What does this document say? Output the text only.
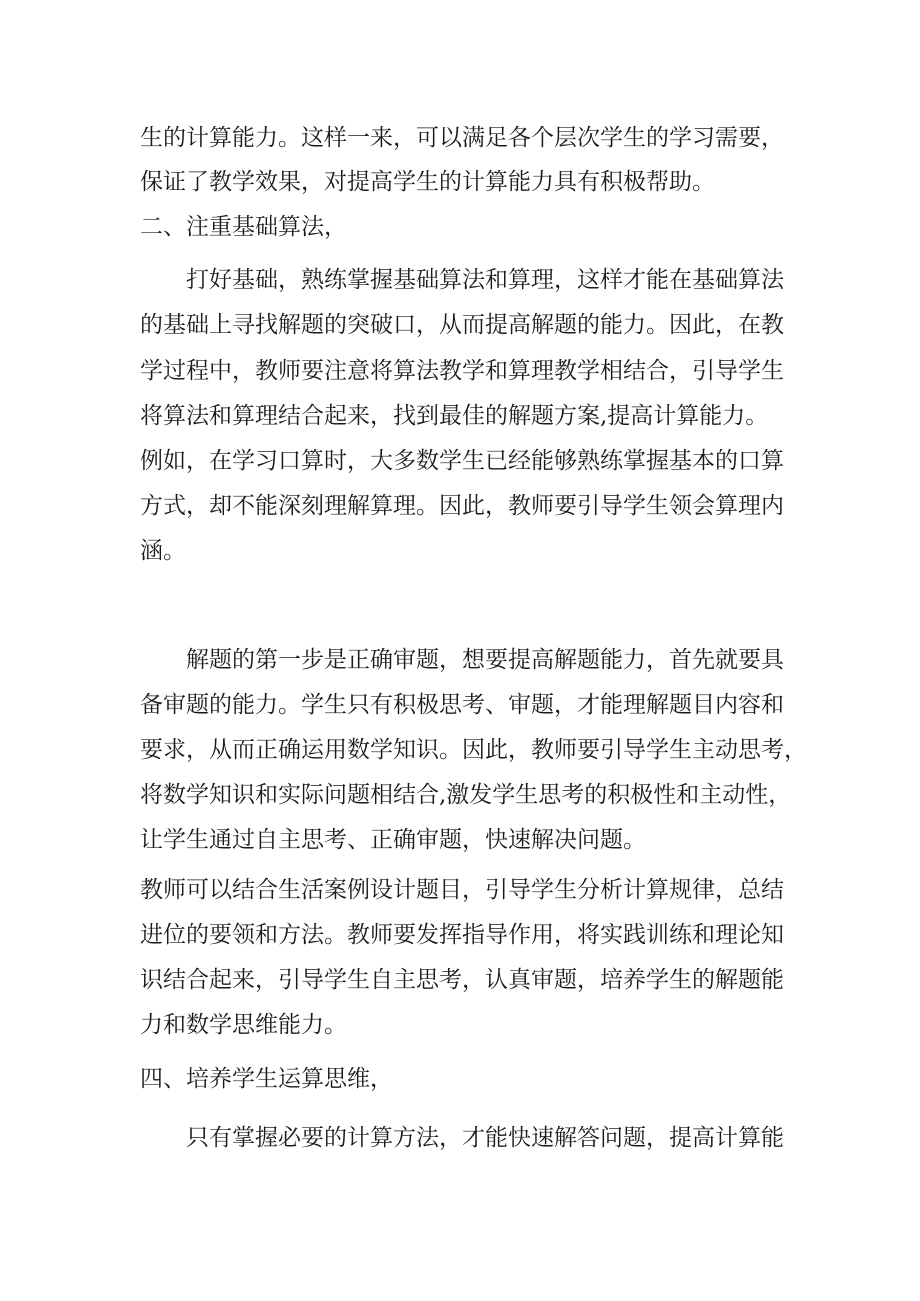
生的计算能力。这样一来，可以满足各个层次学生的学习需要，
保证了教学效果，对提高学生的计算能力具有积极帮助。
二、注重基础算法，
打好基础，熟练掌握基础算法和算理，这样才能在基础算法
的基础上寻找解题的突破口，从而提高解题的能力。因此，在教
学过程中，教师要注意将算法教学和算理教学相结合，引导学生
将算法和算理结合起来，找到最佳的解题方案,提高计算能力。
例如，在学习口算时，大多数学生已经能够熟练掌握基本的口算
方式，却不能深刻理解算理。因此，教师要引导学生领会算理内
涵。
解题的第一步是正确审题，想要提高解题能力，首先就要具
备审题的能力。学生只有积极思考、审题，才能理解题目内容和
要求，从而正确运用数学知识。因此，教师要引导学生主动思考，
将数学知识和实际问题相结合,激发学生思考的积极性和主动性，
让学生通过自主思考、正确审题，快速解决问题。
教师可以结合生活案例设计题目，引导学生分析计算规律，总结
进位的要领和方法。教师要发挥指导作用，将实践训练和理论知
识结合起来，引导学生自主思考，认真审题，培养学生的解题能
力和数学思维能力。
四、培养学生运算思维，
只有掌握必要的计算方法，才能快速解答问题，提高计算能
